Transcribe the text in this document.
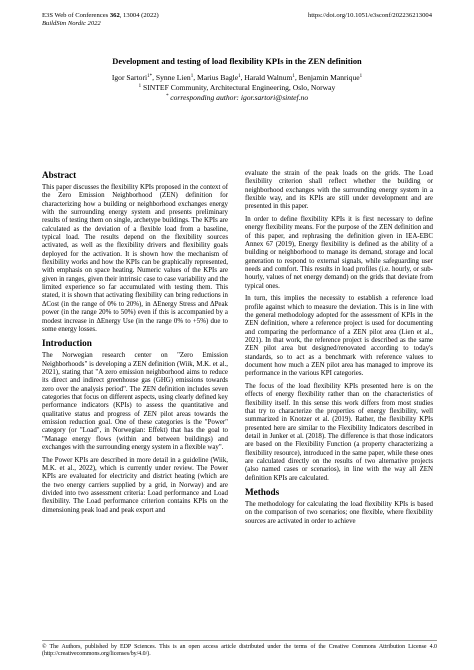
E3S Web of Conferences 362, 13004 (2022)
BuildSim Nordic 2022
https://doi.org/10.1051/e3sconf/202236213004
Development and testing of load flexibility KPIs in the ZEN definition
Igor Sartori$^{1*}$, Synne Lien$^1$, Marius Bagle$^1$, Harald Walnum$^1$, Benjamin Manrique$^1$
$^1$ SINTEF Community, Architectural Engineering, Oslo, Norway
* corresponding author: igor.sartori@sintef.no
Abstract

This paper discusses the flexibility KPIs proposed in the context of the Zero Emission Neighborhood (ZEN) definition for characterizing how a building or neighborhood exchanges energy with the surrounding energy system and presents preliminary results of testing them on single, archetype buildings. The KPIs are calculated as the deviation of a flexible load from a baseline, typical load. The results depend on the flexibility sources activated, as well as the flexibility drivers and flexibility goals deployed for the activation. It is shown how the mechanism of flexibility works and how the KPIs can be graphically represented, with emphasis on space heating. Numeric values of the KPIs are given in ranges, given their intrinsic case to case variability and the limited experience so far accumulated with testing them. This stated, it is shown that activating flexibility can bring reductions in ΔCost (in the range of 0% to 20%), in ΔEnergy Stress and ΔPeak power (in the range 20% to 50%) even if this is accompanied by a modest increase in ΔEnergy Use (in the range 0% to +5%) due to some energy losses.

Introduction

The Norwegian research center on "Zero Emission Neighborhoods" is developing a ZEN definition (Wiik, M.K. et al., 2021), stating that "A zero emission neighborhood aims to reduce its direct and indirect greenhouse gas (GHG) emissions towards zero over the analysis period". The ZEN definition includes seven categories that focus on different aspects, using clearly defined key performance indicators (KPIs) to assess the quantitative and qualitative status and progress of ZEN pilot areas towards the emission reduction goal. One of these categories is the "Power" category (or "Load", in Norwegian: Effekt) that has the goal to "Manage energy flows (within and between buildings) and exchanges with the surrounding energy system in a flexible way".

The Power KPIs are described in more detail in a guideline (Wiik, M.K. et al., 2022), which is currently under review. The Power KPIs are evaluated for electricity and district heating (which are the two energy carriers supplied by a grid, in Norway) and are divided into two assessment criteria: Load performance and Load flexibility. The Load performance criterion contains KPIs on the dimensioning peak load and peak export and

evaluate the strain of the peak loads on the grids. The Load flexibility criterion shall reflect whether the building or neighborhood exchanges with the surrounding energy system in a flexible way, and its KPIs are still under development and are presented in this paper.

In order to define flexibility KPIs it is first necessary to define energy flexibility means. For the purpose of the ZEN definition and of this paper, and rephrasing the definition given in IEA-EBC Annex 67 (2019), Energy flexibility is defined as the ability of a building or neighborhood to manage its demand, storage and local generation to respond to external signals, while safeguarding user needs and comfort. This results in load profiles (i.e. hourly, or sub-hourly, values of net energy demand) on the grids that deviate from typical ones.

In turn, this implies the necessity to establish a reference load profile against which to measure the deviation. This is in line with the general methodology adopted for the assessment of KPIs in the ZEN definition, where a reference project is used for documenting and comparing the performance of a ZEN pilot area (Lien et al., 2021). In that work, the reference project is described as the same ZEN pilot area but designed/renovated according to today's standards, so to act as a benchmark with reference values to document how much a ZEN pilot area has managed to improve its performance in the various KPI categories.

The focus of the load flexibility KPIs presented here is on the effects of energy flexibility rather than on the characteristics of flexibility itself. In this sense this work differs from most studies that try to characterize the properties of energy flexibility, well summarized in Knotzer et al. (2019). Rather, the flexibility KPIs presented here are similar to the Flexibility Indicators described in detail in Junker et al. (2018). The difference is that those indicators are based on the Flexibility Function (a property characterizing a flexibility resource), introduced in the same paper, while these ones are calculated directly on the results of two alternative projects (also named cases or scenarios), in line with the way all ZEN definition KPIs are calculated.

Methods

The methodology for calculating the load flexibility KPIs is based on the comparison of two scenarios; one flexible, where flexibility sources are activated in order to achieve

© The Authors, published by EDP Sciences. This is an open access article distributed under the terms of the Creative Commons Attribution License 4.0 (http://creativecommons.org/licenses/by/4.0/).
